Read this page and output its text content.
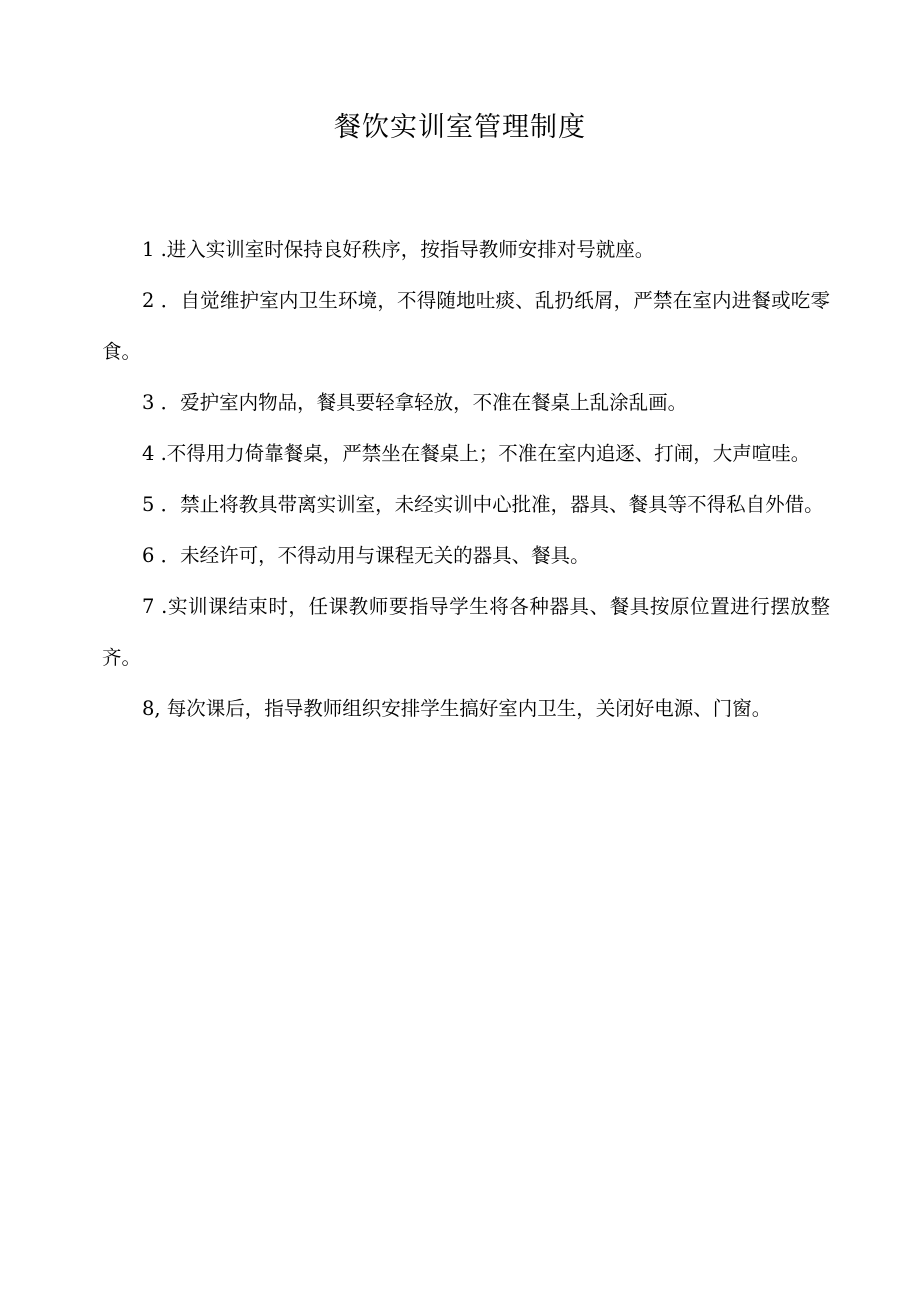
餐饮实训室管理制度
1 .进入实训室时保持良好秩序，按指导教师安排对号就座。
2 ．自觉维护室内卫生环境，不得随地吐痰、乱扔纸屑，严禁在室内进餐或吃零食。
3 ．爱护室内物品，餐具要轻拿轻放，不准在餐桌上乱涂乱画。
4 .不得用力倚靠餐桌，严禁坐在餐桌上；不准在室内追逐、打闹，大声喧哇。
5 ．禁止将教具带离实训室，未经实训中心批准，器具、餐具等不得私自外借。
6 ．未经许可，不得动用与课程无关的器具、餐具。
7 .实训课结束时，任课教师要指导学生将各种器具、餐具按原位置进行摆放整齐。
8, 每次课后，指导教师组织安排学生搞好室内卫生，关闭好电源、门窗。
